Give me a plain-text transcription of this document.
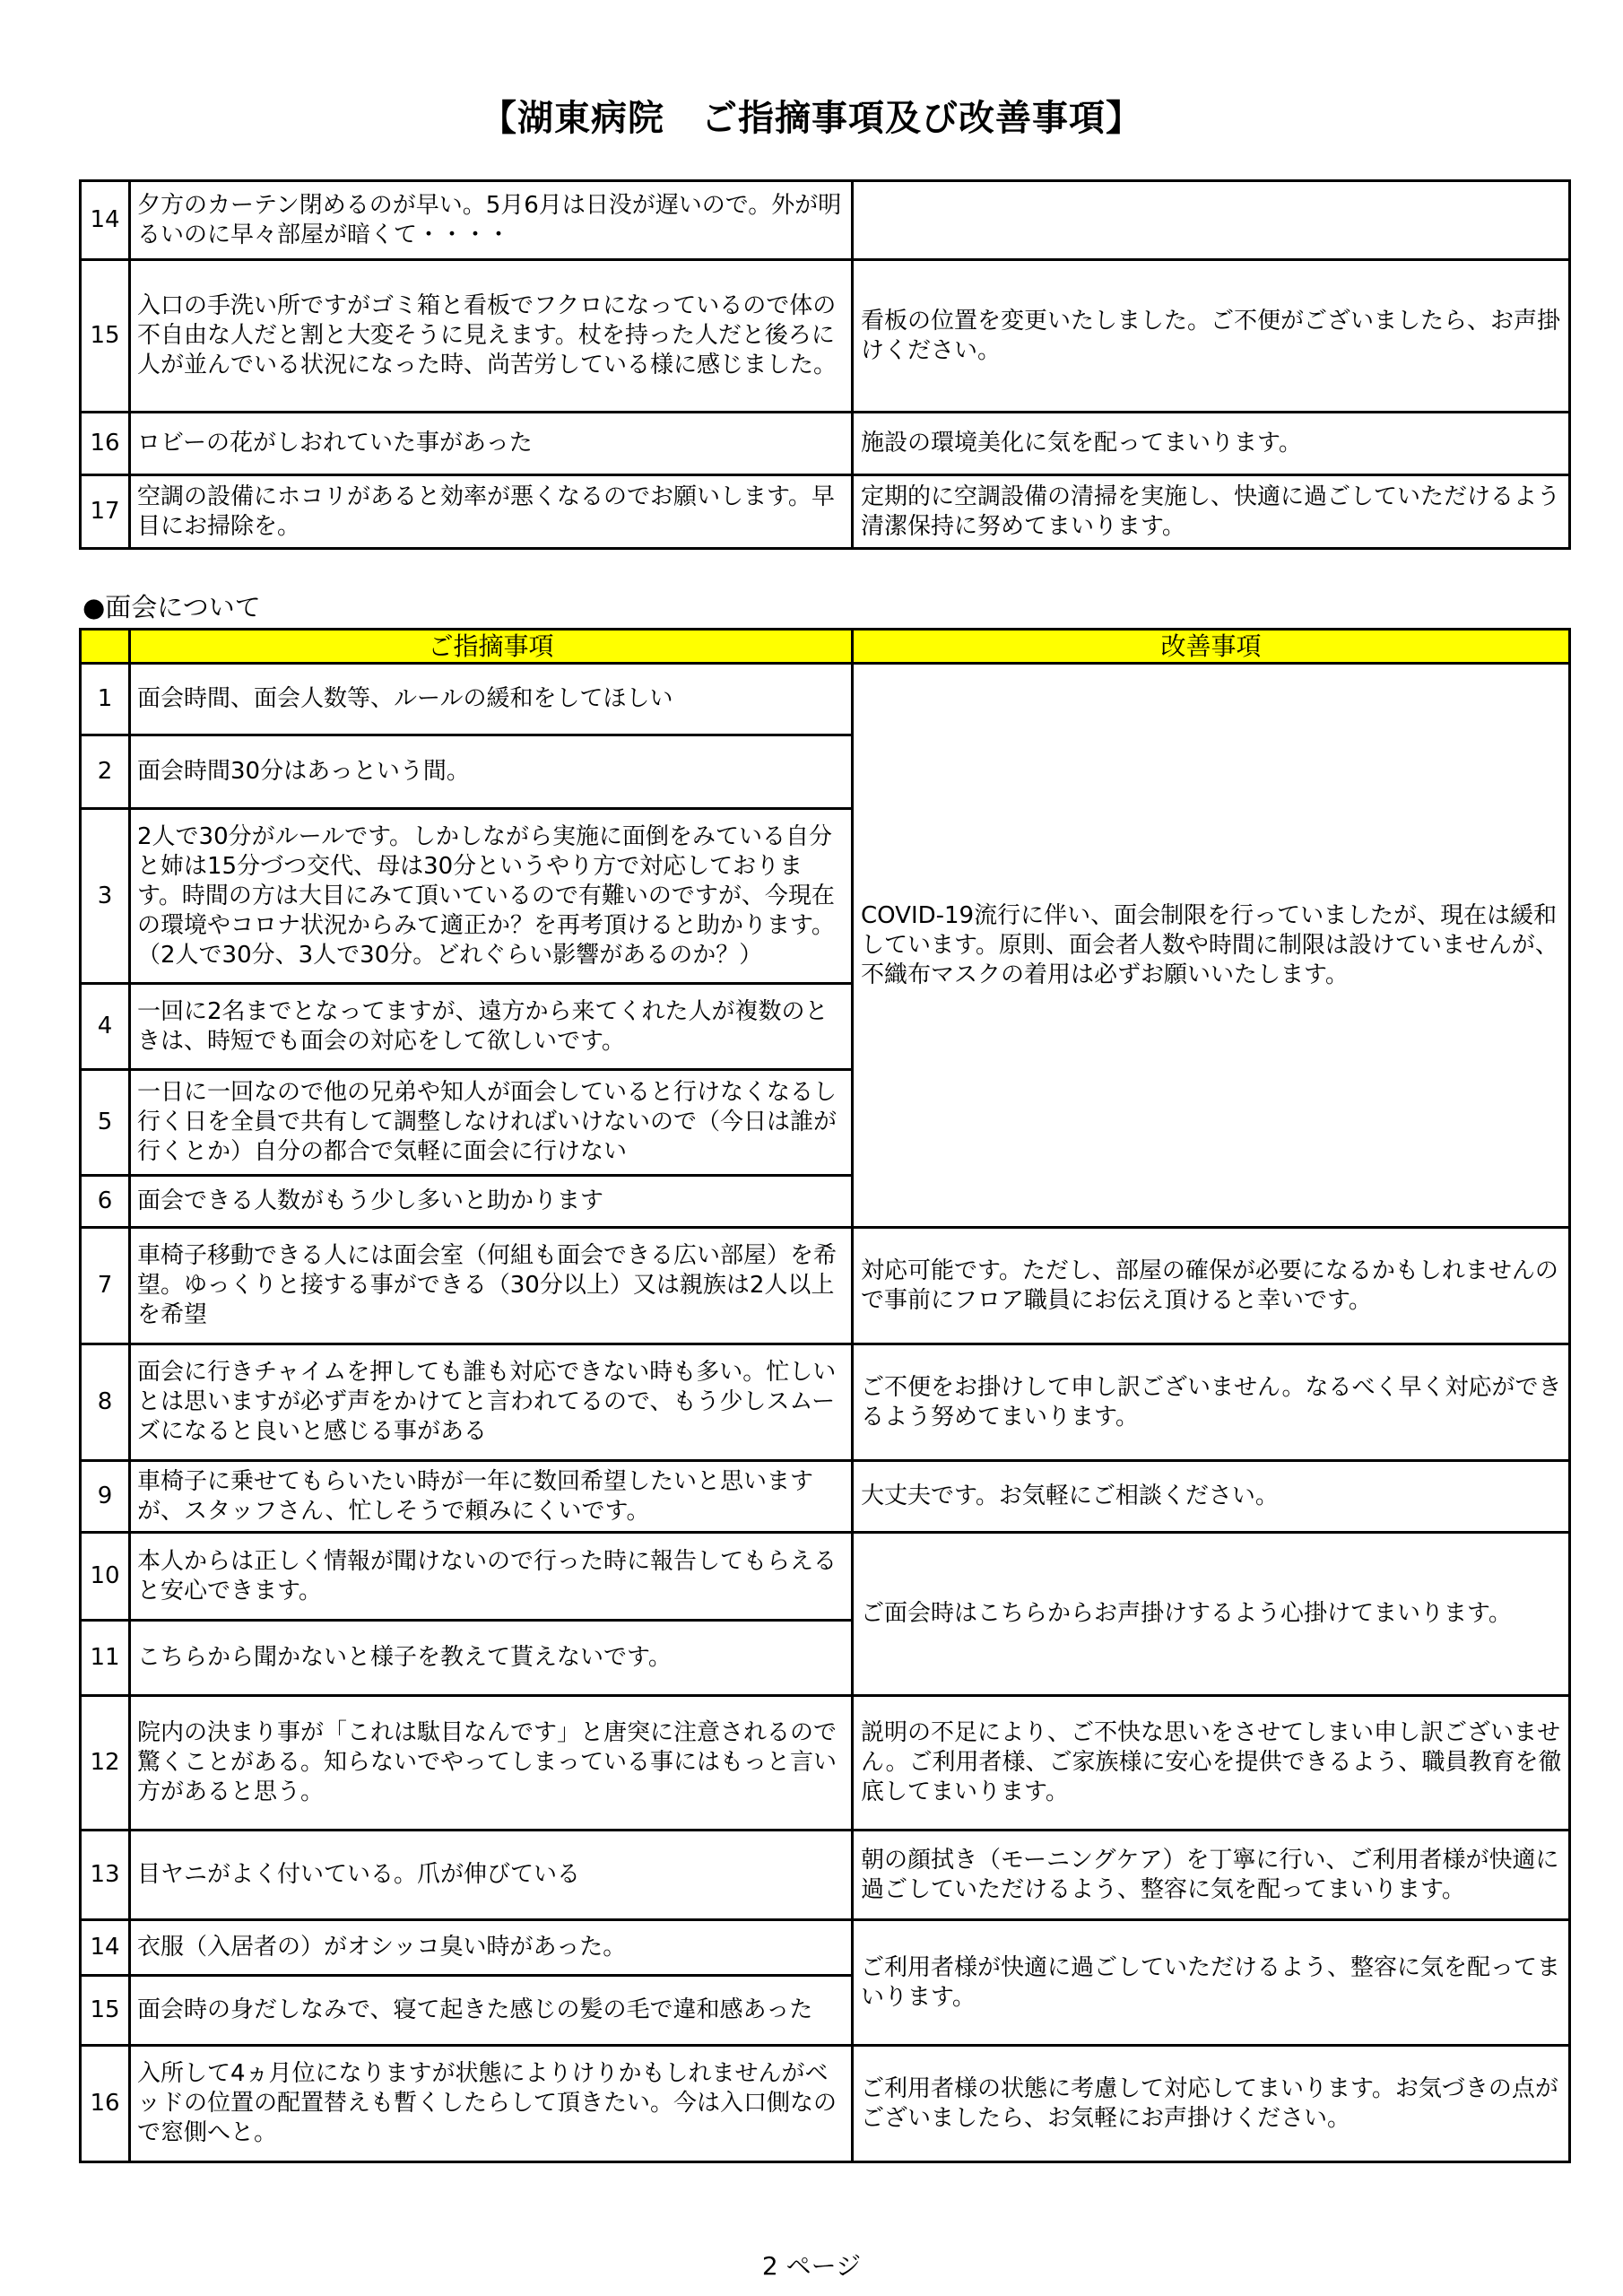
【湖東病院　ご指摘事項及び改善事項】
14	夕方のカーテン閉めるのが早い。5月6月は日没が遅いので。外が明るいのに早々部屋が暗くて・・・・	
15	入口の手洗い所ですがゴミ箱と看板でフクロになっているので体の不自由な人だと割と大変そうに見えます。杖を持った人だと後ろに人が並んでいる状況になった時、尚苦労している様に感じました。	看板の位置を変更いたしました。ご不便がございましたら、お声掛けください。
16	ロビーの花がしおれていた事があった	施設の環境美化に気を配ってまいります。
17	空調の設備にホコリがあると効率が悪くなるのでお願いします。早目にお掃除を。	定期的に空調設備の清掃を実施し、快適に過ごしていただけるよう清潔保持に努めてまいります。
●面会について
	ご指摘事項	改善事項
1	面会時間、面会人数等、ルールの緩和をしてほしい	COVID-19流行に伴い、面会制限を行っていましたが、現在は緩和しています。原則、面会者人数や時間に制限は設けていませんが、不織布マスクの着用は必ずお願いいたします。
2	面会時間30分はあっという間。	
3	2人で30分がルールです。しかしながら実施に面倒をみている自分と姉は15分づつ交代、母は30分というやり方で対応しております。時間の方は大目にみて頂いているので有難いのですが、今現在の環境やコロナ状況からみて適正か？を再考頂けると助かります。（2人で30分、3人で30分。どれぐらい影響があるのか？）	
4	一回に2名までとなってますが、遠方から来てくれた人が複数のときは、時短でも面会の対応をして欲しいです。	
5	一日に一回なので他の兄弟や知人が面会していると行けなくなるし行く日を全員で共有して調整しなければいけないので（今日は誰が行くとか）自分の都合で気軽に面会に行けない	
6	面会できる人数がもう少し多いと助かります	
7	車椅子移動できる人には面会室（何組も面会できる広い部屋）を希望。ゆっくりと接する事ができる（30分以上）又は親族は2人以上を希望	対応可能です。ただし、部屋の確保が必要になるかもしれませんので事前にフロア職員にお伝え頂けると幸いです。
8	面会に行きチャイムを押しても誰も対応できない時も多い。忙しいとは思いますが必ず声をかけてと言われてるので、もう少しスムーズになると良いと感じる事がある	ご不便をお掛けして申し訳ございません。なるべく早く対応ができるよう努めてまいります。
9	車椅子に乗せてもらいたい時が一年に数回希望したいと思いますが、スタッフさん、忙しそうで頼みにくいです。	大丈夫です。お気軽にご相談ください。
10	本人からは正しく情報が聞けないので行った時に報告してもらえると安心できます。	ご面会時はこちらからお声掛けするよう心掛けてまいります。
11	こちらから聞かないと様子を教えて貰えないです。	
12	院内の決まり事が「これは駄目なんです」と唐突に注意されるので驚くことがある。知らないでやってしまっている事にはもっと言い方があると思う。	説明の不足により、ご不快な思いをさせてしまい申し訳ございません。ご利用者様、ご家族様に安心を提供できるよう、職員教育を徹底してまいります。
13	目ヤニがよく付いている。爪が伸びている	朝の顔拭き（モーニングケア）を丁寧に行い、ご利用者様が快適に過ごしていただけるよう、整容に気を配ってまいります。
14	衣服（入居者の）がオシッコ臭い時があった。	ご利用者様が快適に過ごしていただけるよう、整容に気を配ってまいります。
15	面会時の身だしなみで、寝て起きた感じの髪の毛で違和感あった	
16	入所して4ヵ月位になりますが状態によりけりかもしれませんがベッドの位置の配置替えも暫くしたらして頂きたい。今は入口側なので窓側へと。	ご利用者様の状態に考慮して対応してまいります。お気づきの点がございましたら、お気軽にお声掛けください。
2 ページ
